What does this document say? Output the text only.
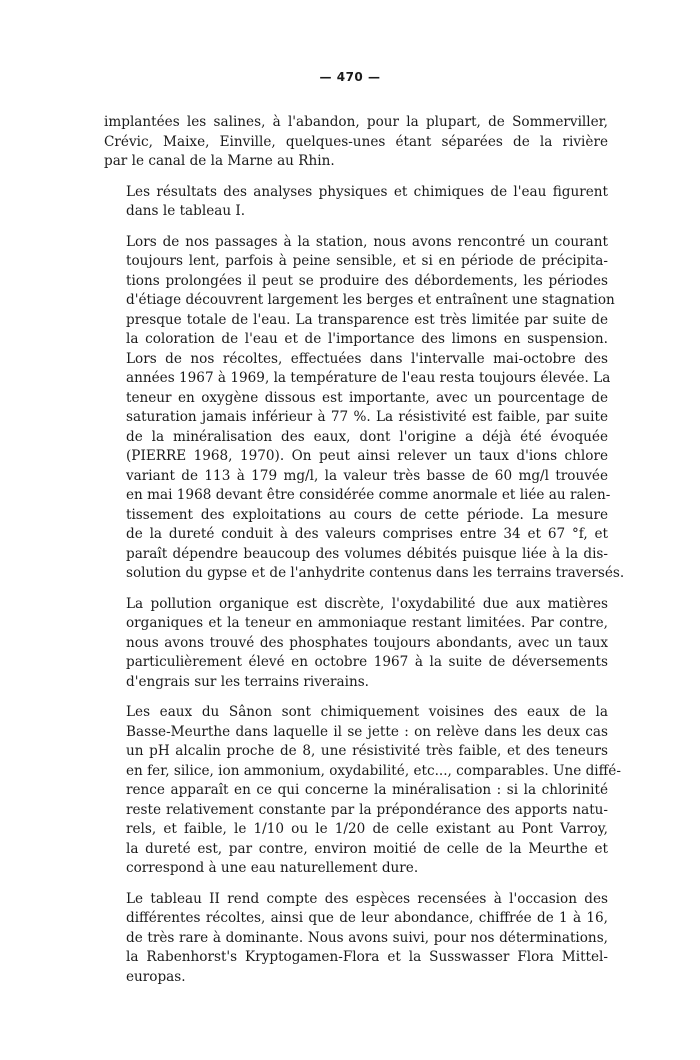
— 470 —
implantées les salines, à l'abandon, pour la plupart, de Sommerviller,
Crévic, Maixe, Einville, quelques-unes étant séparées de la rivière
par le canal de la Marne au Rhin.
Les résultats des analyses physiques et chimiques de l'eau figurent
dans le tableau I.
Lors de nos passages à la station, nous avons rencontré un courant
toujours lent, parfois à peine sensible, et si en période de précipita-
tions prolongées il peut se produire des débordements, les périodes
d'étiage découvrent largement les berges et entraînent une stagnation
presque totale de l'eau. La transparence est très limitée par suite de
la coloration de l'eau et de l'importance des limons en suspension.
Lors de nos récoltes, effectuées dans l'intervalle mai-octobre des
années 1967 à 1969, la température de l'eau resta toujours élevée. La
teneur en oxygène dissous est importante, avec un pourcentage de
saturation jamais inférieur à 77 %. La résistivité est faible, par suite
de la minéralisation des eaux, dont l'origine a déjà été évoquée
(PIERRE 1968, 1970). On peut ainsi relever un taux d'ions chlore
variant de 113 à 179 mg/l, la valeur très basse de 60 mg/l trouvée
en mai 1968 devant être considérée comme anormale et liée au ralen-
tissement des exploitations au cours de cette période. La mesure
de la dureté conduit à des valeurs comprises entre 34 et 67 °f, et
paraît dépendre beaucoup des volumes débités puisque liée à la dis-
solution du gypse et de l'anhydrite contenus dans les terrains traversés.
La pollution organique est discrète, l'oxydabilité due aux matières
organiques et la teneur en ammoniaque restant limitées. Par contre,
nous avons trouvé des phosphates toujours abondants, avec un taux
particulièrement élevé en octobre 1967 à la suite de déversements
d'engrais sur les terrains riverains.
Les eaux du Sânon sont chimiquement voisines des eaux de la
Basse-Meurthe dans laquelle il se jette : on relève dans les deux cas
un pH alcalin proche de 8, une résistivité très faible, et des teneurs
en fer, silice, ion ammonium, oxydabilité, etc..., comparables. Une diffé-
rence apparaît en ce qui concerne la minéralisation : si la chlorinité
reste relativement constante par la prépondérance des apports natu-
rels, et faible, le 1/10 ou le 1/20 de celle existant au Pont Varroy,
la dureté est, par contre, environ moitié de celle de la Meurthe et
correspond à une eau naturellement dure.
Le tableau II rend compte des espèces recensées à l'occasion des
différentes récoltes, ainsi que de leur abondance, chiffrée de 1 à 16,
de très rare à dominante. Nous avons suivi, pour nos déterminations,
la Rabenhorst's Kryptogamen-Flora et la Susswasser Flora Mittel-
europas.
